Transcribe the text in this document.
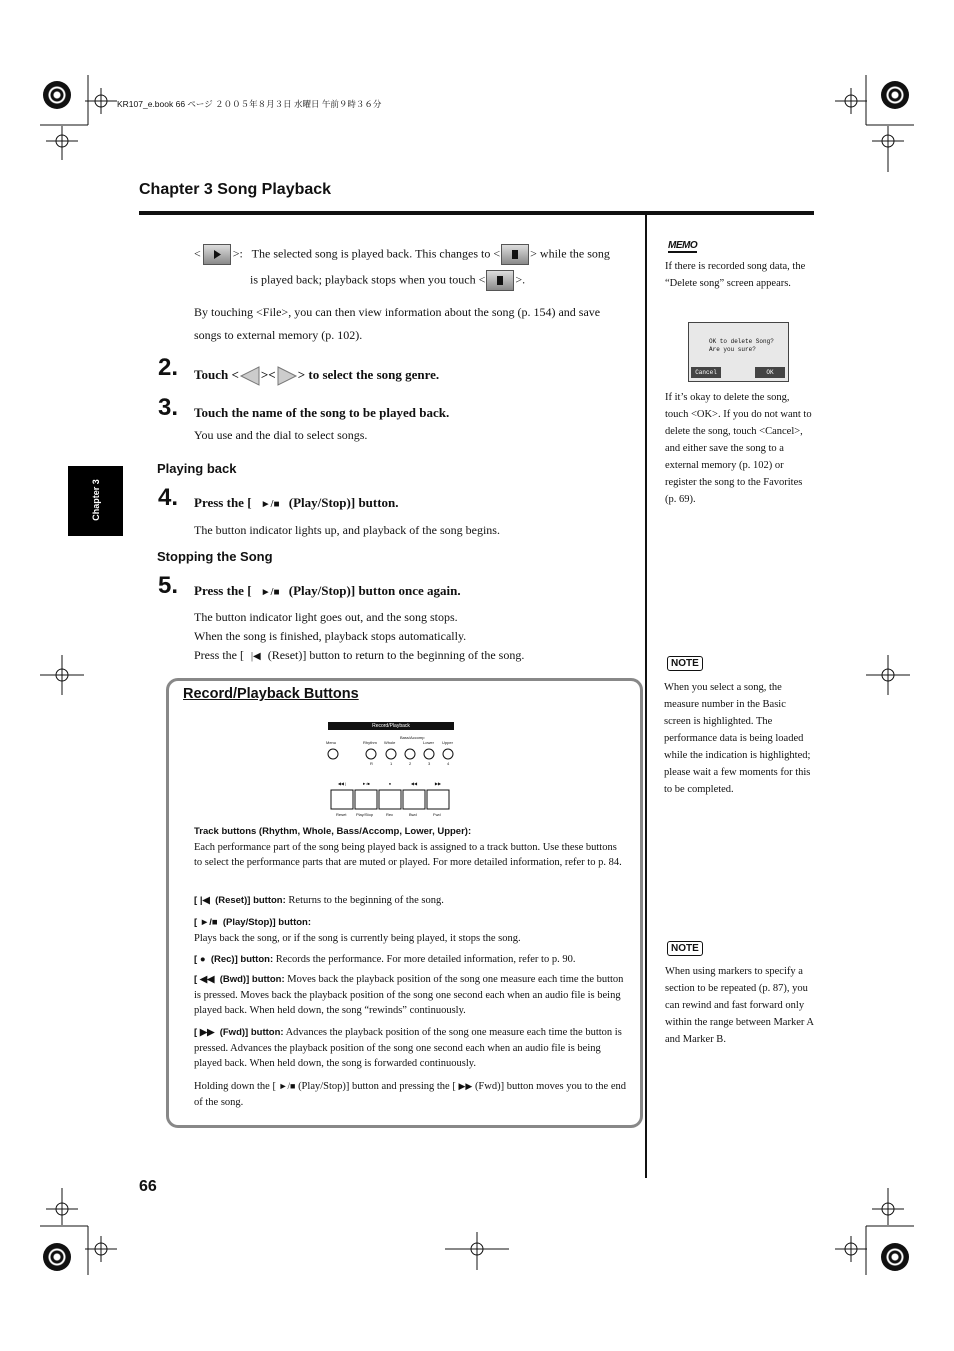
KR107_e.book 66 ページ ２００５年８月３日 水曜日 午前９時３６分
Chapter 3 Song Playback
Chapter 3
<	>:   The selected song is played back. This changes to <	> while the song
is played back; playback stops when you touch <	>.
By touching <File>, you can then view information about the song (p. 154) and save
songs to external memory (p. 102).
2. Touch < >< > to select the song genre.
3. Touch the name of the song to be played back.
You use and the dial to select songs.
Playing back
4. Press the [ ►/■ (Play/Stop)] button.
The button indicator lights up, and playback of the song begins.
Stopping the Song
5. Press the [ ►/■ (Play/Stop)] button once again.
The button indicator light goes out, and the song stops.
When the song is finished, playback stops automatically.
Press the [ |◀ (Reset)] button to return to the beginning of the song.
Record/Playback Buttons
Record/Playback
◀◀ |	►/■	●	◀◀	▶▶
Menu	Rhythm Whole
Bass/Accomp
Lower Upper
R	1	2	3	4
Reset Play/Stop	Rec	Bwd	Fwd
Track buttons (Rhythm, Whole, Bass/Accomp, Lower, Upper):
Each performance part of the song being played back is assigned to a track button. Use these buttons to select the performance parts that are muted or played. For more detailed information, refer to p. 84.
[ |◀ (Reset)] button: Returns to the beginning of the song.
[ ►/■ (Play/Stop)] button:
Plays back the song, or if the song is currently being played, it stops the song.
[ ● (Rec)] button: Records the performance. For more detailed information, refer to p. 90.
[ ◀◀ (Bwd)] button: Moves back the playback position of the song one measure each time the button is pressed. Moves back the playback position of the song one second each when an audio file is being played back. When held down, the song “rewinds” continuously.
[ ▶▶ (Fwd)] button: Advances the playback position of the song one measure each time the button is pressed. Advances the playback position of the song one second each when an audio file is being played back. When held down, the song is forwarded continuously.
Holding down the [ ►/■ (Play/Stop)] button and pressing the [ ▶▶ (Fwd)] button moves you to the end of the song.
MEMO
If there is recorded song data, the “Delete song” screen appears.
OK to delete Song?
Are you sure?
Cancel	OK
If it’s okay to delete the song, touch <OK>. If you do not want to delete the song, touch <Cancel>, and either save the song to a external memory (p. 102) or register the song to the Favorites (p. 69).
NOTE
When you select a song, the measure number in the Basic screen is highlighted. The performance data is being loaded while the indication is highlighted; please wait a few moments for this to be completed.
NOTE
When using markers to specify a section to be repeated (p. 87), you can rewind and fast forward only within the range between Marker A and Marker B.
66
